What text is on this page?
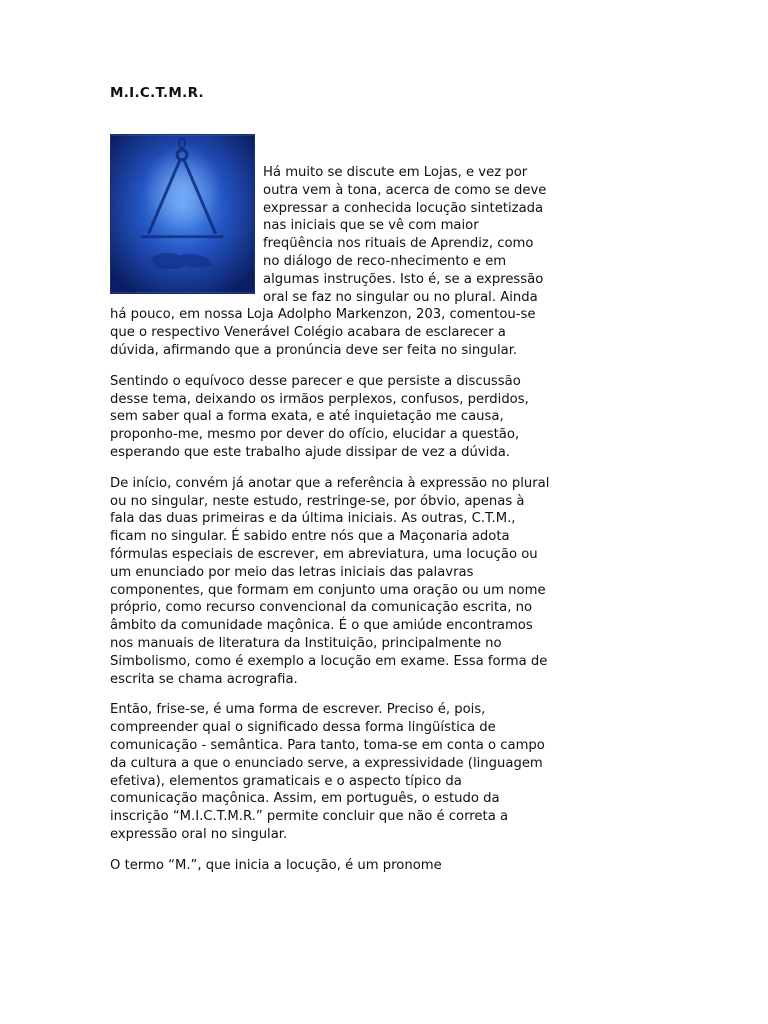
M.I.C.T.M.R.

Há muito se discute em Lojas, e vez por outra vem à tona, acerca de como se deve expressar a conhecida locução sintetizada nas iniciais que se vê com maior freqüência nos rituais de Aprendiz, como no diálogo de reco-nhecimento e em algumas instruções. Isto é, se a expressão oral se faz no singular ou no plural. Ainda há pouco, em nossa Loja Adolpho Markenzon, 203, comentou-se que o respectivo Venerável Colégio acabara de esclarecer a dúvida, afirmando que a pronúncia deve ser feita no singular.

Sentindo o equívoco desse parecer e que persiste a discussão desse tema, deixando os irmãos perplexos, confusos, perdidos, sem saber qual a forma exata, e até inquietação me causa, proponho-me, mesmo por dever do ofício, elucidar a questão, esperando que este trabalho ajude dissipar de vez a dúvida.

De início, convém já anotar que a referência à expressão no plural ou no singular, neste estudo, restringe-se, por óbvio, apenas à fala das duas primeiras e da última iniciais. As outras, C.T.M., ficam no singular. É sabido entre nós que a Maçonaria adota fórmulas especiais de escrever, em abreviatura, uma locução ou um enunciado por meio das letras iniciais das palavras componentes, que formam em conjunto uma oração ou um nome próprio, como recurso convencional da comunicação escrita, no âmbito da comunidade maçônica. É o que amiúde encontramos nos manuais de literatura da Instituição, principalmente no Simbolismo, como é exemplo a locução em exame. Essa forma de escrita se chama acrografia.

Então, frise-se, é uma forma de escrever. Preciso é, pois, compreender qual o significado dessa forma lingüística de comunicação - semântica. Para tanto, toma-se em conta o campo da cultura a que o enunciado serve, a expressividade (linguagem efetiva), elementos gramaticais e o aspecto típico da comunicação maçônica. Assim, em português, o estudo da inscrição “M.I.C.T.M.R.” permite concluir que não é correta a expressão oral no singular.

O termo “M.”, que inicia a locução, é um pronome
